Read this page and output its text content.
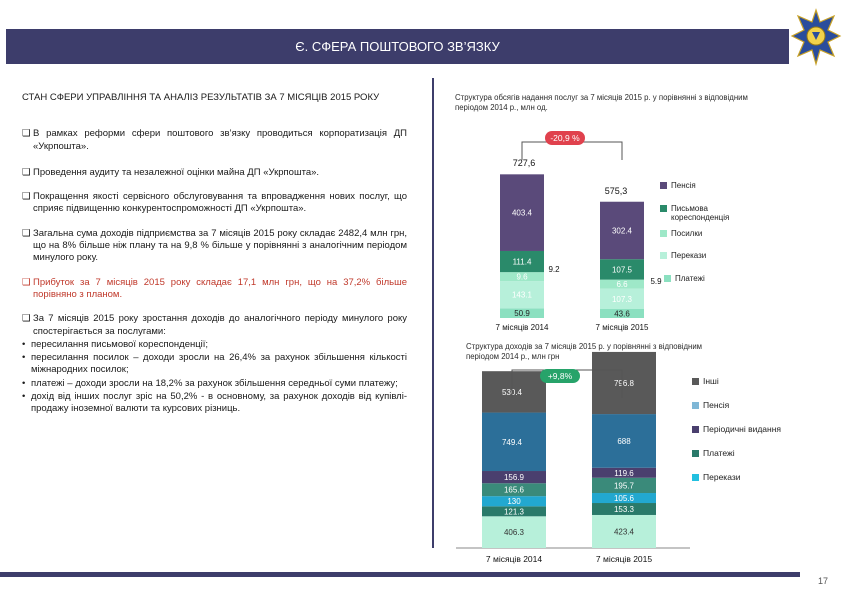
Є. СФЕРА ПОШТОВОГО ЗВ’ЯЗКУ
СТАН СФЕРИ УПРАВЛІННЯ ТА АНАЛІЗ РЕЗУЛЬТАТІВ ЗА 7 МІСЯЦІВ 2015 РОКУ
❑ В рамках реформи сфери поштового зв’язку проводиться корпоратизація ДП «Укрпошта».
❑ Проведення аудиту та незалежної оцінки майна ДП «Укрпошта».
❑ Покращення якості сервісного обслуговування та впровадження нових послуг, що сприяє підвищенню конкурентоспроможності ДП «Укрпошта».
❑ Загальна сума доходів підприємства за 7 місяців 2015 року складає 2482,4 млн грн, що на 8% більше ніж плану та на 9,8 % більше у порівнянні з аналогічним періодом минулого року.
❑ Прибуток за 7 місяців 2015 року складає 17,1 млн грн, що на 37,2% більше порівняно з планом.
❑ За 7 місяців 2015 року зростання доходів до аналогічного періоду минулого року спостерігається за послугами:
• пересилання письмової кореспонденції;
• пересилання посилок – доходи зросли на 26,4% за рахунок збільшення кількості міжнародних посилок;
• платежі – доходи зросли на 18,2% за рахунок збільшення середньої суми платежу;
• дохід від інших послуг зріс на 50,2% - в основному, за рахунок доходів від купівлі-продажу іноземної валюти та курсових різниць.
Структура обсягів надання послуг за 7 місяців 2015 р. у порівнянні з відповідним періодом 2014 р., млн од.
Структура доходів за 7 місяців 2015 р. у порівнянні з відповідним періодом 2014 р., млн грн
50.9
143.1
9.6
111.4
403.4
7 місяців 2014
727,6
43.6
107.3
6.6
107.5
302.4
7 місяців 2015
575,3
9.2
5.9
-20,9 %
Пенсія
Письмова
кореспонденція
Посилки
Перекази
Платежі
406.3
121.3
130
165.6
156.9
749.4
530.4
7 місяців 2014
423.4
153.3
105.6
195.7
119.6
688
796.8
7 місяців 2015
+9,8%	Інші
Пенсія
Періодичні видання
Платежі
Перекази
17
